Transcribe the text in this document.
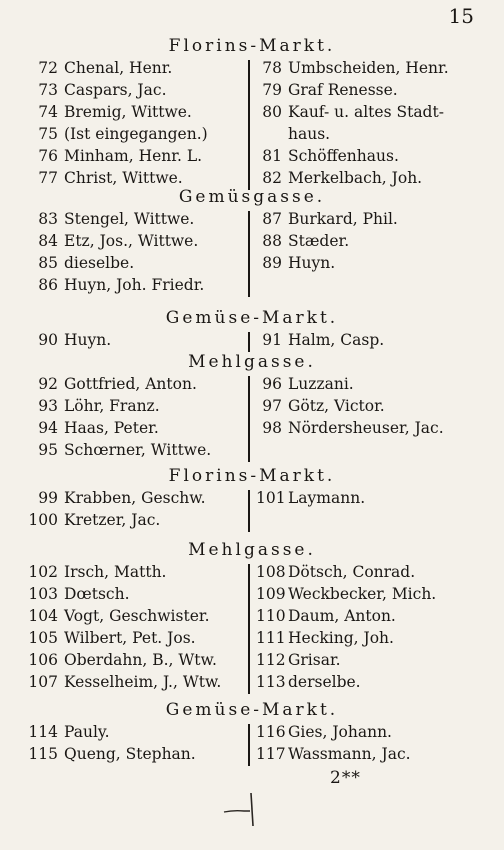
15
2**
Florins-Markt.
72 Chenal, Henr.
73 Caspars, Jac.
74 Bremig, Wittwe.
75 (Ist eingegangen.)
76 Minham, Henr. L.
77 Christ, Wittwe.
78 Umbscheiden, Henr.
79 Graf Renesse.
80 Kauf- u. altes Stadt-
haus.
81 Schöffenhaus.
82 Merkelbach, Joh.
Gemüsgasse.
83 Stengel, Wittwe.
84 Etz, Jos., Wittwe.
85 dieselbe.
86 Huyn, Joh. Friedr.
87 Burkard, Phil.
88 Stæder.
89 Huyn.
Gemüse-Markt.
90 Huyn.	91 Halm, Casp.
Mehlgasse.
92 Gottfried, Anton.
93 Löhr, Franz.
94 Haas, Peter.
95 Schœrner, Wittwe.
96 Luzzani.
97 Götz, Victor.
98 Nördersheuser, Jac.
Florins-Markt.
99 Krabben, Geschw.
100 Kretzer, Jac.
101 Laymann.
Mehlgasse.
102 Irsch, Matth.
103 Dœtsch.
104 Vogt, Geschwister.
105 Wilbert, Pet. Jos.
106 Oberdahn, B., Wtw.
107 Kesselheim, J., Wtw.
108 Dötsch, Conrad.
109 Weckbecker, Mich.
110 Daum, Anton.
111 Hecking, Joh.
112 Grisar.
113 derselbe.
Gemüse-Markt.
114 Pauly.
115 Queng, Stephan.
116 Gies, Johann.
117 Wassmann, Jac.
